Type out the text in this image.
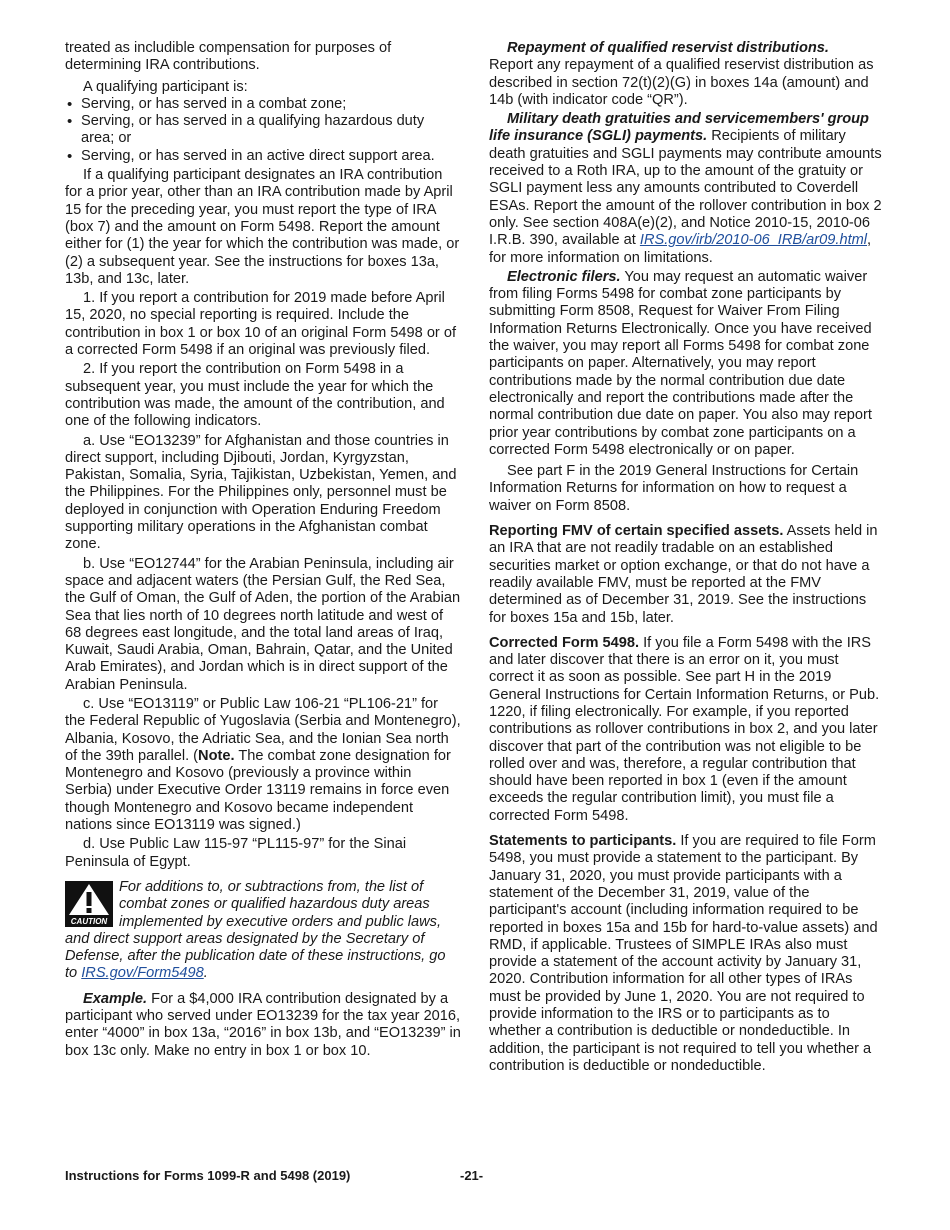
treated as includible compensation for purposes of determining IRA contributions.

A qualifying participant is:

• Serving, or has served in a combat zone;
• Serving, or has served in a qualifying hazardous duty area; or
• Serving, or has served in an active direct support area.

If a qualifying participant designates an IRA contribution for a prior year, other than an IRA contribution made by April 15 for the preceding year, you must report the type of IRA (box 7) and the amount on Form 5498. Report the amount either for (1) the year for which the contribution was made, or (2) a subsequent year. See the instructions for boxes 13a, 13b, and 13c, later.

1. If you report a contribution for 2019 made before April 15, 2020, no special reporting is required. Include the contribution in box 1 or box 10 of an original Form 5498 or of a corrected Form 5498 if an original was previously filed.

2. If you report the contribution on Form 5498 in a subsequent year, you must include the year for which the contribution was made, the amount of the contribution, and one of the following indicators.

a. Use “EO13239” for Afghanistan and those countries in direct support, including Djibouti, Jordan, Kyrgyzstan, Pakistan, Somalia, Syria, Tajikistan, Uzbekistan, Yemen, and the Philippines. For the Philippines only, personnel must be deployed in conjunction with Operation Enduring Freedom supporting military operations in the Afghanistan combat zone.

b. Use “EO12744” for the Arabian Peninsula, including air space and adjacent waters (the Persian Gulf, the Red Sea, the Gulf of Oman, the Gulf of Aden, the portion of the Arabian Sea that lies north of 10 degrees north latitude and west of 68 degrees east longitude, and the total land areas of Iraq, Kuwait, Saudi Arabia, Oman, Bahrain, Qatar, and the United Arab Emirates), and Jordan which is in direct support of the Arabian Peninsula.

c. Use “EO13119” or Public Law 106-21 “PL106-21” for the Federal Republic of Yugoslavia (Serbia and Montenegro), Albania, Kosovo, the Adriatic Sea, and the Ionian Sea north of the 39th parallel. (Note. The combat zone designation for Montenegro and Kosovo (previously a province within Serbia) under Executive Order 13119 remains in force even though Montenegro and Kosovo became independent nations since EO13119 was signed.)

d. Use Public Law 115-97 “PL115-97” for the Sinai Peninsula of Egypt.

CAUTION
For additions to, or subtractions from, the list of combat zones or qualified hazardous duty areas implemented by executive orders and public laws, and direct support areas designated by the Secretary of Defense, after the publication date of these instructions, go to IRS.gov/Form5498.

Example. For a $4,000 IRA contribution designated by a participant who served under EO13239 for the tax year 2016, enter “4000” in box 13a, “2016” in box 13b, and “EO13239” in box 13c only. Make no entry in box 1 or box 10.

Repayment of qualified reservist distributions.

Report any repayment of a qualified reservist distribution as described in section 72(t)(2)(G) in boxes 14a (amount) and 14b (with indicator code “QR”).

Military death gratuities and servicemembers' group life insurance (SGLI) payments. Recipients of military death gratuities and SGLI payments may contribute amounts received to a Roth IRA, up to the amount of the gratuity or SGLI payment less any amounts contributed to Coverdell ESAs. Report the amount of the rollover contribution in box 2 only. See section 408A(e)(2), and Notice 2010-15, 2010-06 I.R.B. 390, available at IRS.gov/irb/2010-06_IRB/ar09.html, for more information on limitations.

Electronic filers. You may request an automatic waiver from filing Forms 5498 for combat zone participants by submitting Form 8508, Request for Waiver From Filing Information Returns Electronically. Once you have received the waiver, you may report all Forms 5498 for combat zone participants on paper. Alternatively, you may report contributions made by the normal contribution due date electronically and report the contributions made after the normal contribution due date on paper. You also may report prior year contributions by combat zone participants on a corrected Form 5498 electronically or on paper.

See part F in the 2019 General Instructions for Certain Information Returns for information on how to request a waiver on Form 8508.

Reporting FMV of certain specified assets. Assets held in an IRA that are not readily tradable on an established securities market or option exchange, or that do not have a readily available FMV, must be reported at the FMV determined as of December 31, 2019. See the instructions for boxes 15a and 15b, later.

Corrected Form 5498. If you file a Form 5498 with the IRS and later discover that there is an error on it, you must correct it as soon as possible. See part H in the 2019 General Instructions for Certain Information Returns, or Pub. 1220, if filing electronically. For example, if you reported contributions as rollover contributions in box 2, and you later discover that part of the contribution was not eligible to be rolled over and was, therefore, a regular contribution that should have been reported in box 1 (even if the amount exceeds the regular contribution limit), you must file a corrected Form 5498.

Statements to participants. If you are required to file Form 5498, you must provide a statement to the participant. By January 31, 2020, you must provide participants with a statement of the December 31, 2019, value of the participant's account (including information required to be reported in boxes 15a and 15b for hard-to-value assets) and RMD, if applicable. Trustees of SIMPLE IRAs also must provide a statement of the account activity by January 31, 2020. Contribution information for all other types of IRAs must be provided by June 1, 2020. You are not required to provide information to the IRS or to participants as to whether a contribution is deductible or nondeductible. In addition, the participant is not required to tell you whether a contribution is deductible or nondeductible.

Instructions for Forms 1099-R and 5498 (2019)	-21-
